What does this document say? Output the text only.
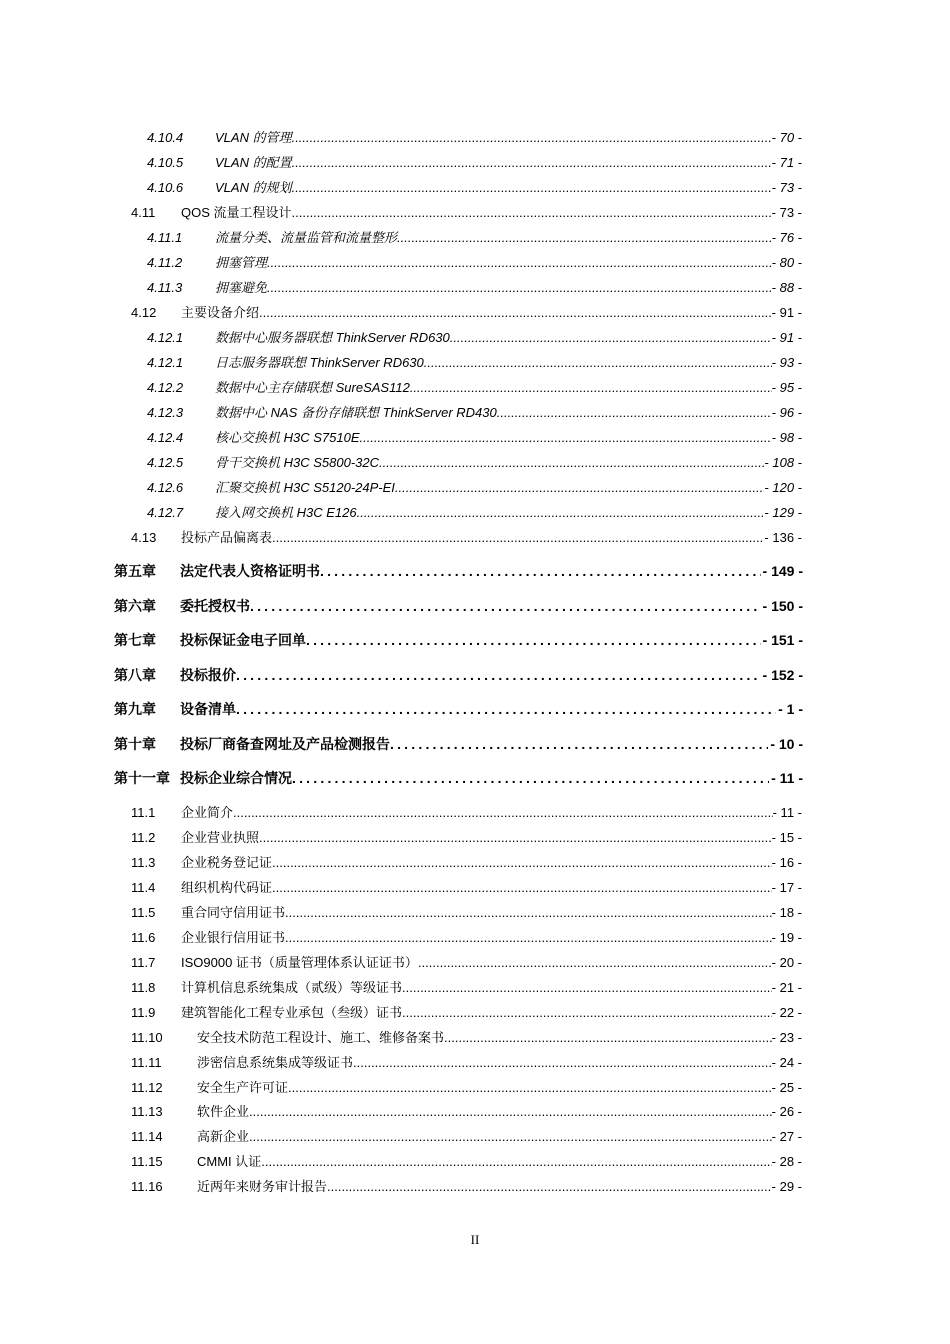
4.10.4	VLAN 的管理 .....	- 70 -
4.10.5	VLAN 的配置 .....	- 71 -
4.10.6	VLAN 的规划 .....	- 73 -
4.11	QOS 流量工程设计 .....	- 73 -
4.11.1	流量分类、流量监管和流量整形 .....	- 76 -
4.11.2	拥塞管理 .....	- 80 -
4.11.3	拥塞避免 .....	- 88 -
4.12	主要设备介绍 .....	- 91 -
4.12.1	数据中心服务器联想 ThinkServer RD630 .....	- 91 -
4.12.1	日志服务器联想 ThinkServer RD630 .....	- 93 -
4.12.2	数据中心主存储联想 SureSAS112 .....	- 95 -
4.12.3	数据中心 NAS 备份存储联想 ThinkServer RD430 .....	- 96 -
4.12.4	核心交换机 H3C S7510E .....	- 98 -
4.12.5	骨干交换机 H3C S5800-32C .....	- 108 -
4.12.6	汇聚交换机 H3C S5120-24P-EI .....	- 120 -
4.12.7	接入网交换机 H3C E126 .....	- 129 -
4.13	投标产品偏离表 .....	- 136 -
第五章	法定代表人资格证明书 .....	- 149 -
第六章	委托授权书 .....	- 150 -
第七章	投标保证金电子回单 .....	- 151 -
第八章	投标报价 .....	- 152 -
第九章	设备清单 .....	- 1 -
第十章	投标厂商备查网址及产品检测报告 .....	- 10 -
第十一章 投标企业综合情况 .....	- 11 -
11.1	企业简介 .....	- 11 -
11.2	企业营业执照 .....	- 15 -
11.3	企业税务登记证 .....	- 16 -
11.4	组织机构代码证 .....	- 17 -
11.5	重合同守信用证书 .....	- 18 -
11.6	企业银行信用证书 .....	- 19 -
11.7	ISO9000 证书（质量管理体系认证证书） .....	- 20 -
11.8	计算机信息系统集成（贰级）等级证书 .....	- 21 -
11.9	建筑智能化工程专业承包（叁级）证书 .....	- 22 -
11.10	安全技术防范工程设计、施工、维修备案书 .....	- 23 -
11.11	涉密信息系统集成等级证书 .....	- 24 -
11.12	安全生产许可证 .....	- 25 -
11.13	软件企业 .....	- 26 -
11.14	高新企业 .....	- 27 -
11.15	CMMI 认证 .....	- 28 -
11.16	近两年来财务审计报告 .....	- 29 -
II
